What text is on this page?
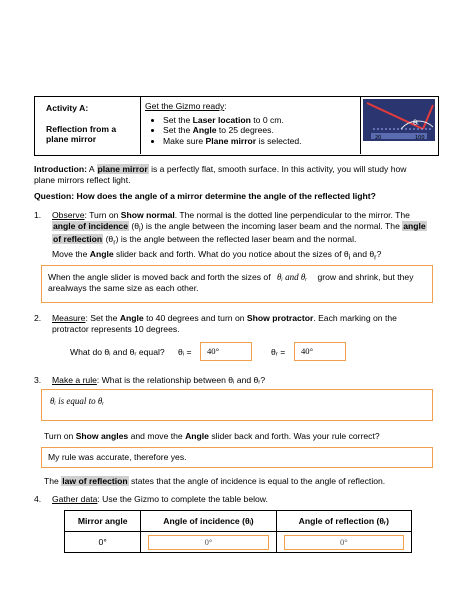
Activity A:
Reflection from a
plane mirror
Get the Gizmo ready:
• Set the Laser location to 0 cm.
• Set the Angle to 25 degrees.
• Make sure Plane mirror is selected.
θᵢ
20	100
Introduction: A plane mirror is a perfectly flat, smooth surface. In this activity, you will study how
plane mirrors reflect light.
Question: How does the angle of a mirror determine the angle of the reflected light?
1. Observe: Turn on Show normal. The normal is the dotted line perpendicular to the mirror. The
angle of incidence $(\theta_i)$ is the angle between the incoming laser beam and the normal. The angle
of reflection $(\theta_r)$ is the angle between the reflected laser beam and the normal.
Move the Angle slider back and forth. What do you notice about the sizes of $\theta_i$ and $\theta_r$?
When the angle slider is moved back and forth the sizes of θᵢ and θᵣ grow and shrink, but they
arealways the same size as each other.
2. Measure: Set the Angle to 40 degrees and turn on Show protractor. Each marking on the
protractor represents 10 degrees.
What do θᵢ and θᵣ equal? θᵢ =	40°	θᵣ =	40°
3. Make a rule: What is the relationship between θᵢ and θᵣ?
θᵢ is equal to θᵣ
Turn on Show angles and move the Angle slider back and forth. Was your rule correct?
My rule was accurate, therefore yes.
The law of reflection states that the angle of incidence is equal to the angle of reflection.
4. Gather data: Use the Gizmo to complete the table below.
Mirror angle	Angle of incidence (θᵢ)	Angle of reflection (θᵣ)
0°	0°	0°
